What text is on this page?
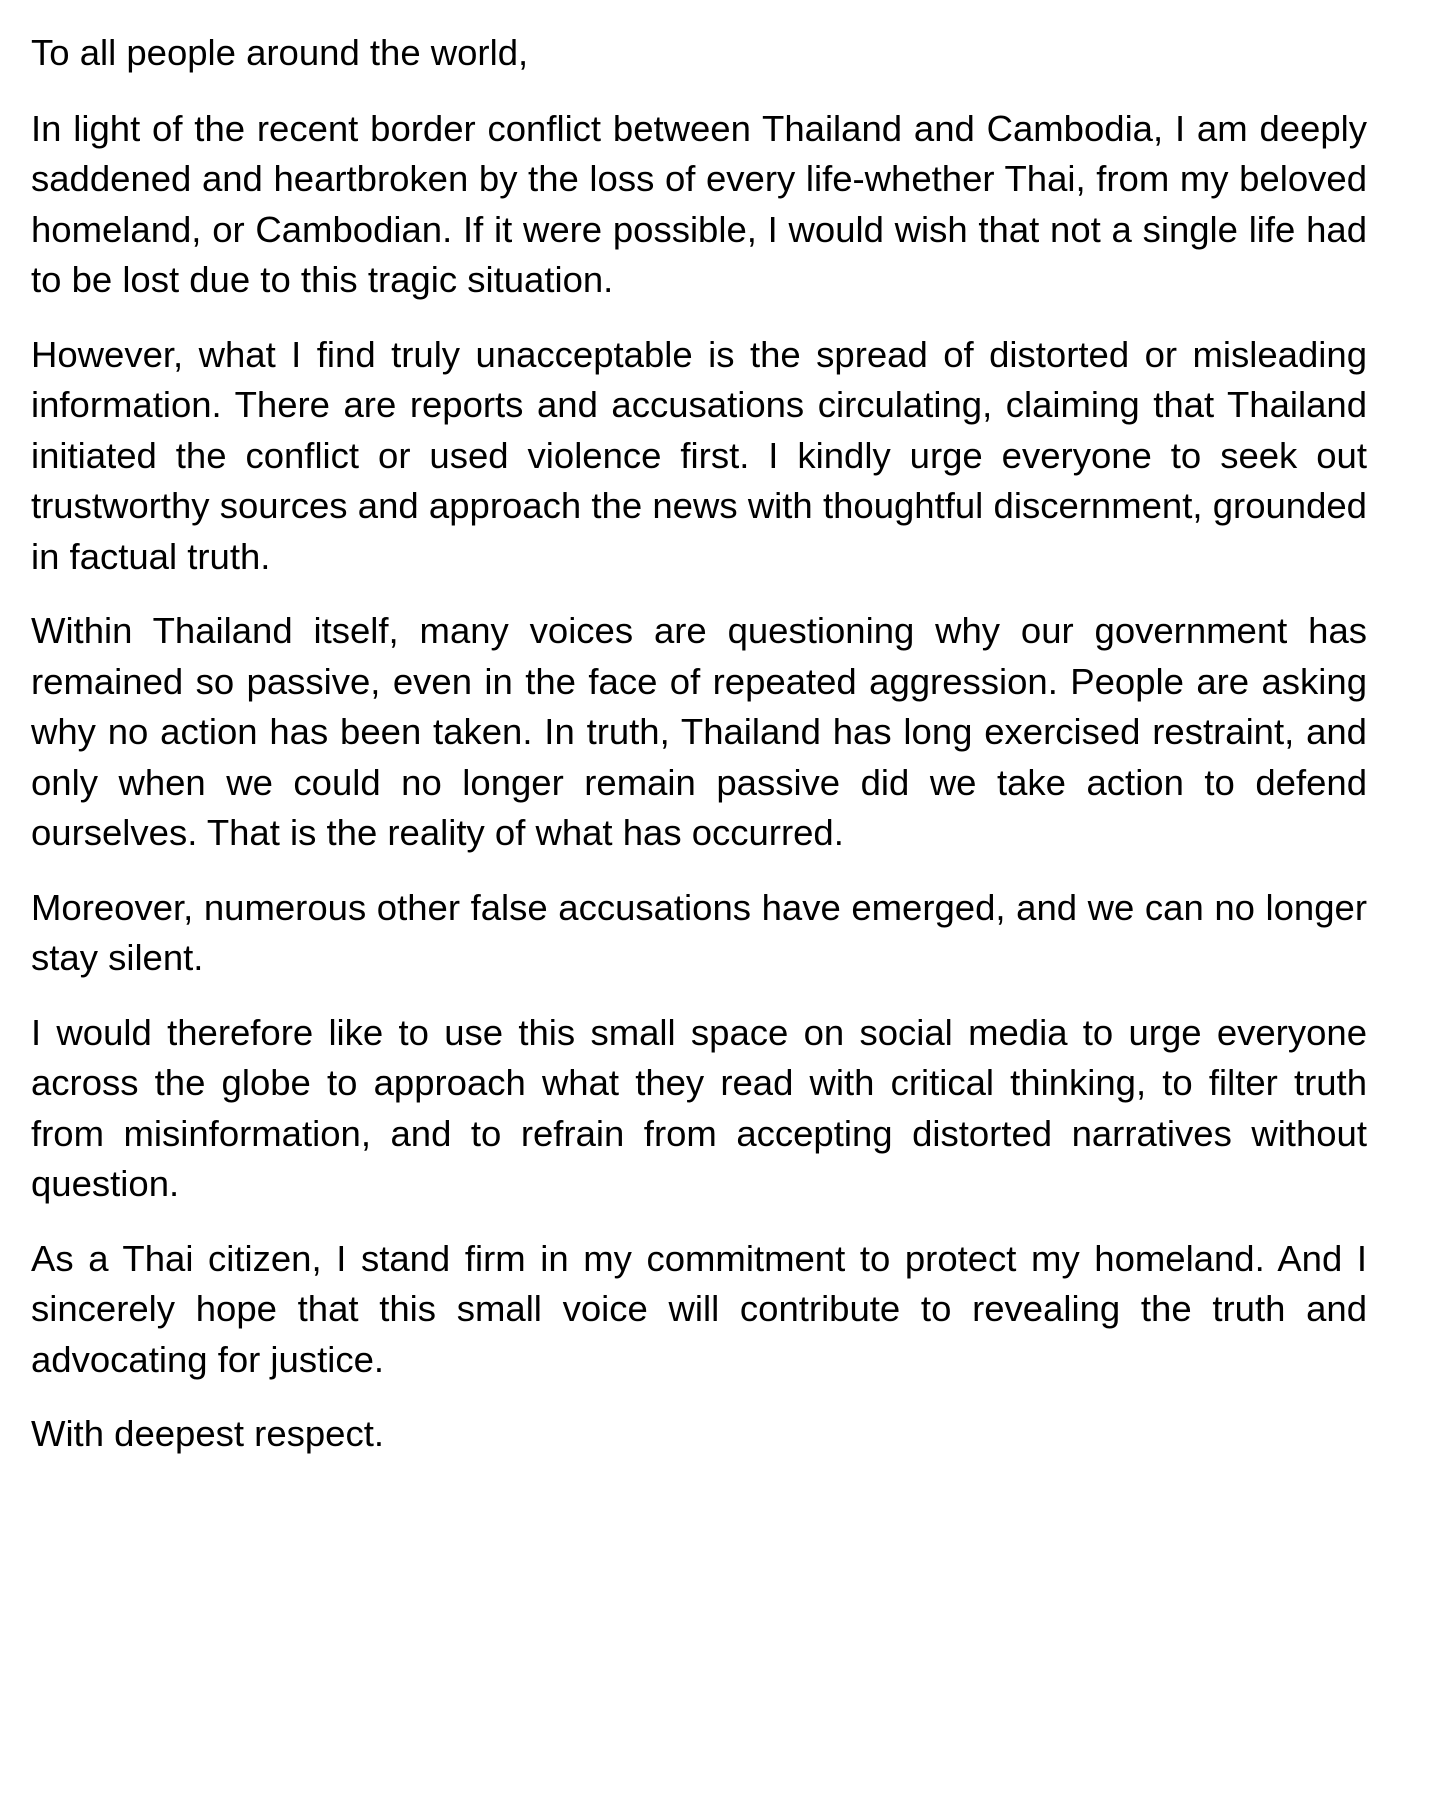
To all people around the world,

In light of the recent border conflict between Thailand and Cambodia, I am deeply saddened and heartbroken by the loss of every life-whether Thai, from my beloved homeland, or Cambodian. If it were possible, I would wish that not a single life had to be lost due to this tragic situation.

However, what I find truly unacceptable is the spread of distorted or misleading information. There are reports and accusations circulating, claiming that Thailand initiated the conflict or used violence first. I kindly urge everyone to seek out trustworthy sources and approach the news with thoughtful discernment, grounded in factual truth.

Within Thailand itself, many voices are questioning why our government has remained so passive, even in the face of repeated aggression. People are asking why no action has been taken. In truth, Thailand has long exercised restraint, and only when we could no longer remain passive did we take action to defend ourselves. That is the reality of what has occurred.

Moreover, numerous other false accusations have emerged, and we can no longer stay silent.

I would therefore like to use this small space on social media to urge everyone across the globe to approach what they read with critical thinking, to filter truth from misinformation, and to refrain from accepting distorted narratives without question.

As a Thai citizen, I stand firm in my commitment to protect my homeland. And I sincerely hope that this small voice will contribute to revealing the truth and advocating for justice.

With deepest respect.
